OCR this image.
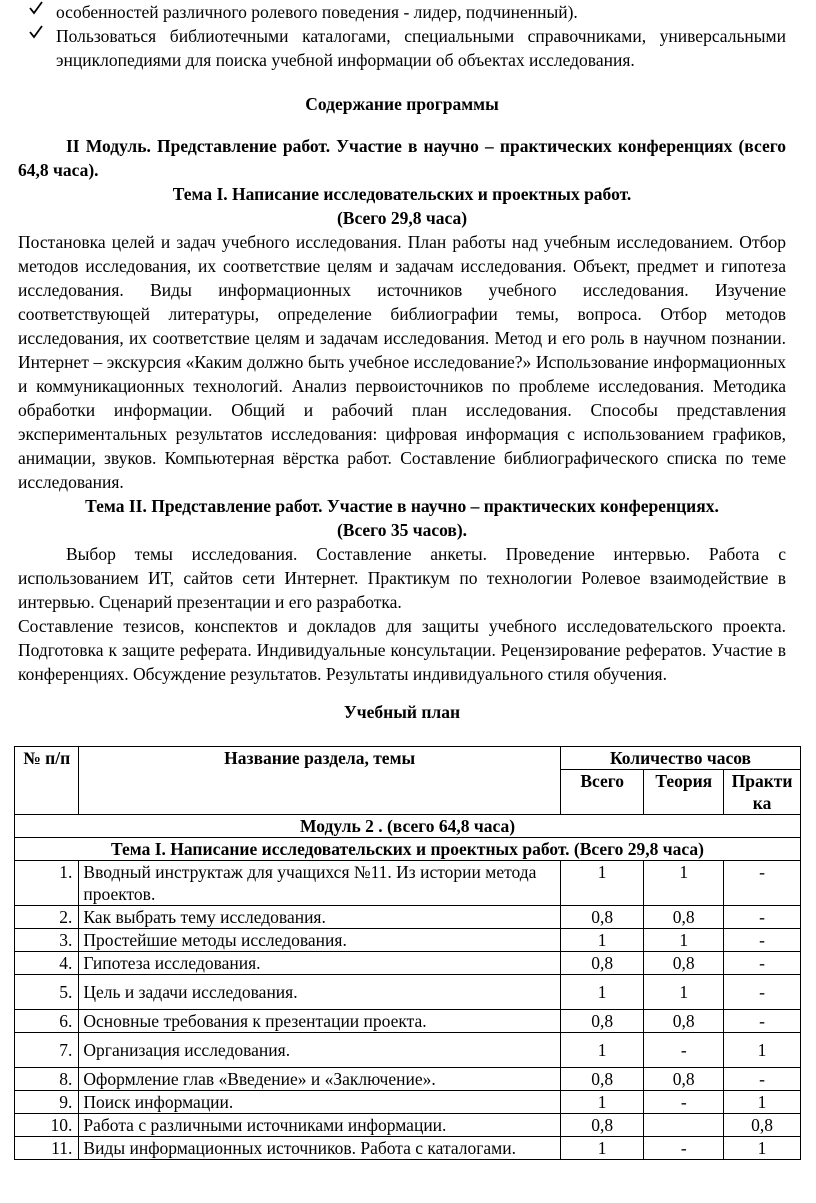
особенностей различного ролевого поведения - лидер, подчиненный).
Пользоваться библиотечными каталогами, специальными справочниками, универсальными энциклопедиями для поиска учебной информации об объектах исследования.
Содержание программы
II Модуль. Представление работ. Участие в научно – практических конференциях (всего 64,8 часа).
Тема I. Написание исследовательских и проектных работ.
(Всего 29,8 часа)

Постановка целей и задач учебного исследования. План работы над учебным исследованием. Отбор методов исследования, их соответствие целям и задачам исследования. Объект, предмет и гипотеза исследования. Виды информационных источников учебного исследования. Изучение соответствующей литературы, определение библиографии темы, вопроса. Отбор методов исследования, их соответствие целям и задачам исследования. Метод и его роль в научном познании. Интернет – экскурсия «Каким должно быть учебное исследование?» Использование информационных и коммуникационных технологий. Анализ первоисточников по проблеме исследования. Методика обработки информации. Общий и рабочий план исследования. Способы представления экспериментальных результатов исследования: цифровая информация с использованием графиков, анимации, звуков. Компьютерная вёрстка работ. Составление библиографического списка по теме исследования.

Тема II. Представление работ. Участие в научно – практических конференциях.
(Всего 35 часов).

Выбор темы исследования. Составление анкеты. Проведение интервью. Работа с использованием ИТ, сайтов сети Интернет. Практикум по технологии Ролевое взаимодействие в интервью. Сценарий презентации и его разработка.

Составление тезисов, конспектов и докладов для защиты учебного исследовательского проекта. Подготовка к защите реферата. Индивидуальные консультации. Рецензирование рефератов. Участие в конференциях. Обсуждение результатов. Результаты индивидуального стиля обучения.

Учебный план
№ п/п	Название раздела, темы	Количество часов		
		Всего	Теория	Практи ка
Модуль 2 . (всего 64,8 часа)				
Тема I. Написание исследовательских и проектных работ. (Всего 29,8 часа)				
1.	Вводный инструктаж для учащихся №11. Из истории метода проектов.	1	1	-
2.	Как выбрать тему исследования.	0,8	0,8	-
3.	Простейшие методы исследования.	1	1	-
4.	Гипотеза исследования.	0,8	0,8	-
5.	Цель и задачи исследования.	1	1	-
6.	Основные требования к презентации проекта.	0,8	0,8	-
7.	Организация исследования.	1	-	1
8.	Оформление глав «Введение» и «Заключение».	0,8	0,8	-
9.	Поиск информации.	1	-	1
10.	Работа с различными источниками информации.	0,8		0,8
11.	Виды информационных источников. Работа с каталогами.	1	-	1
